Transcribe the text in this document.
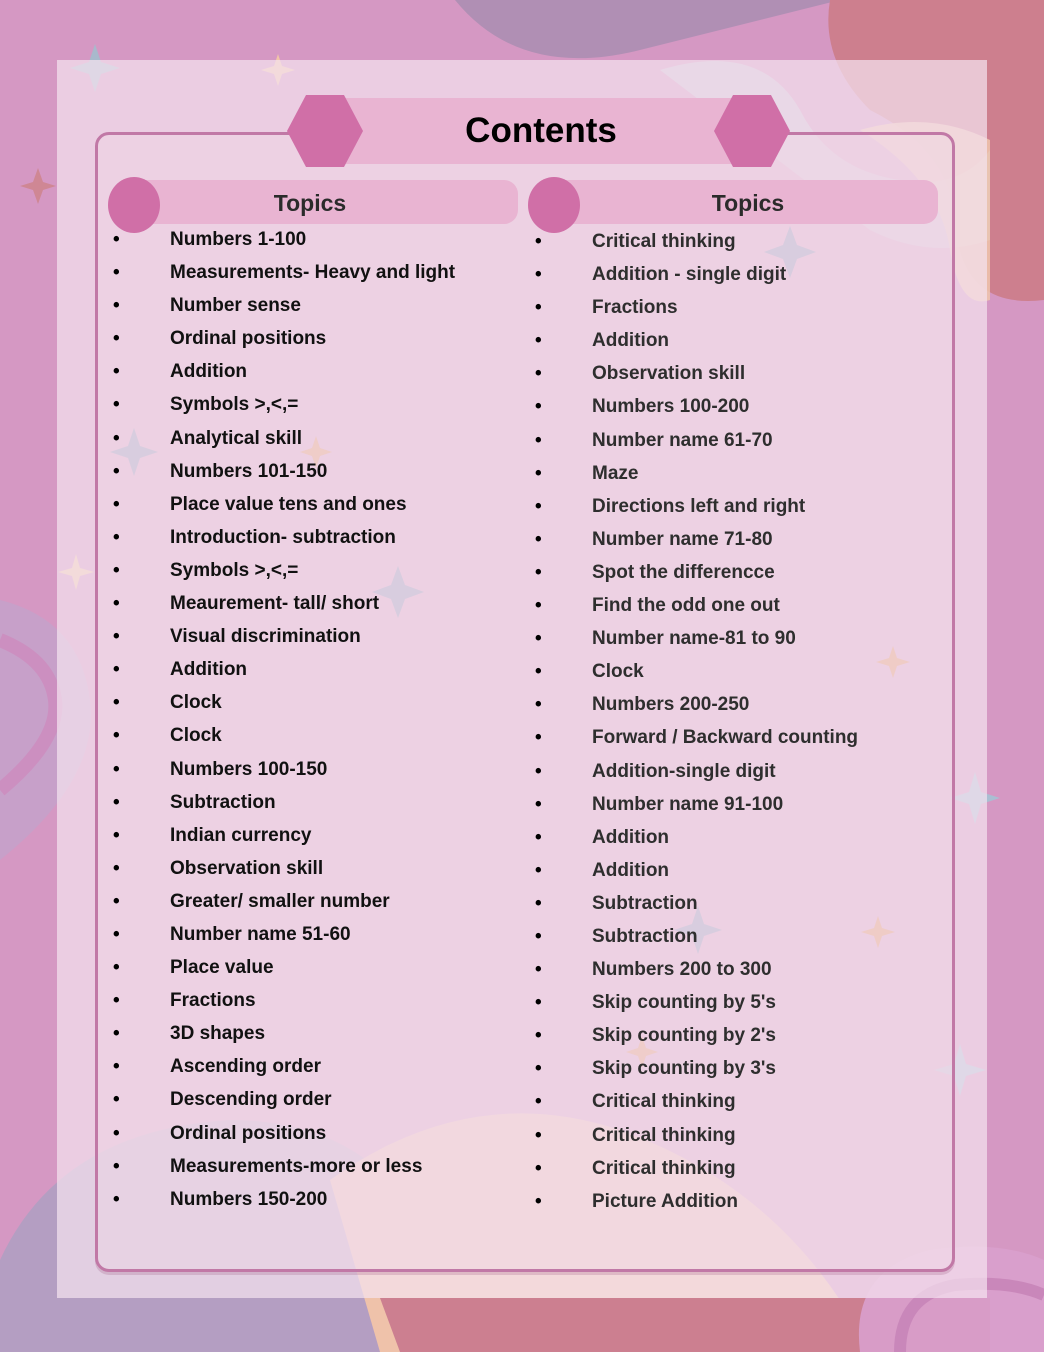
Contents
Topics	Topics
•	Numbers 1-100
•	Measurements- Heavy and light
•	Number sense
•	Ordinal positions
•	Addition
•	Symbols >,<,=
•	Analytical skill
•	Numbers 101-150
•	Place value tens and ones
•	Introduction- subtraction
•	Symbols >,<,=
•	Meaurement- tall/ short
•	Visual discrimination
•	Addition
•	Clock
•	Clock
•	Numbers 100-150
•	Subtraction
•	Indian currency
•	Observation skill
•	Greater/ smaller number
•	Number name 51-60
•	Place value
•	Fractions
•	3D shapes
•	Ascending order
•	Descending order
•	Ordinal positions
•	Measurements-more or less
•	Numbers 150-200
•	Critical thinking
•	Addition - single digit
•	Fractions
•	Addition
•	Observation skill
•	Numbers 100-200
•	Number name 61-70
•	Maze
•	Directions left and right
•	Number name 71-80
•	Spot the differencce
•	Find the odd one out
•	Number name-81 to 90
•	Clock
•	Numbers 200-250
•	Forward / Backward counting
•	Addition-single digit
•	Number name 91-100
•	Addition
•	Addition
•	Subtraction
•	Subtraction
•	Numbers 200 to 300
•	Skip counting by 5's
•	Skip counting by 2's
•	Skip counting by 3's
•	Critical thinking
•	Critical thinking
•	Critical thinking
•	Picture Addition
